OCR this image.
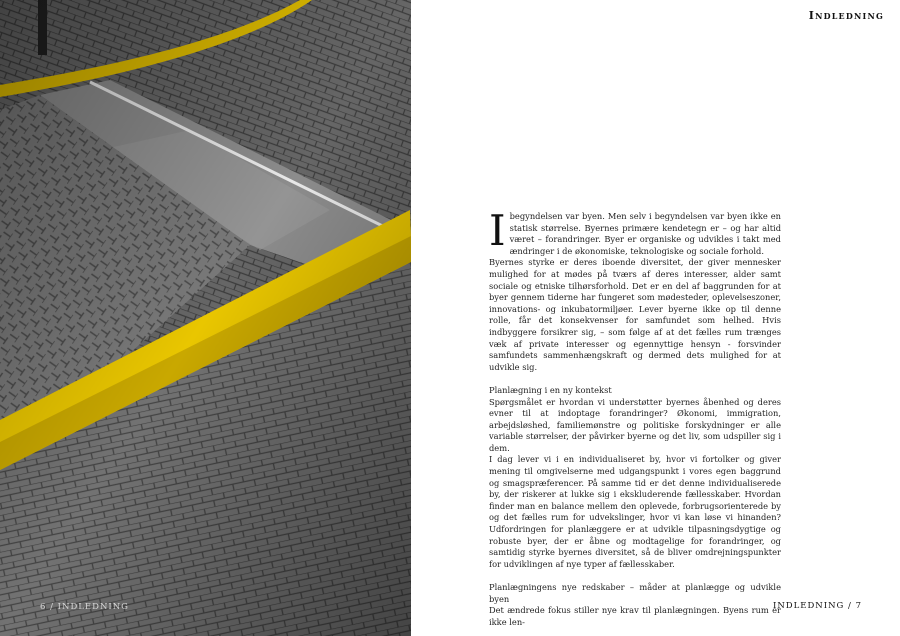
6 / INDLEDNING
Indledning

Ibegyndelsen var byen. Men selv i begyndelsen var byen ikke en statisk størrelse. Byernes primære kendetegn er – og har altid været – forandringer. Byer er organiske og udvikles i takt med ændringer i de økonomiske, teknologiske og sociale forhold.

Byernes styrke er deres iboende diversitet, der giver mennesker mulighed for at mødes på tværs af deres interesser, alder samt sociale og etniske tilhørsforhold. Det er en del af baggrunden for at byer gennem tiderne har fungeret som mødesteder, oplevelseszoner, innovations- og inkubatormiljøer. Lever byerne ikke op til denne rolle, får det konsekvenser for samfundet som helhed. Hvis indbyggere forsikrer sig, – som følge af at det fælles rum trænges væk af private interesser og egennyttige hensyn - forsvinder samfundets sammenhængskraft og dermed dets mulighed for at udvikle sig.

Planlægning i en ny kontekst

Spørgsmålet er hvordan vi understøtter byernes åbenhed og deres evner til at indoptage forandringer? Økonomi, immigration, arbejdsløshed, familiemønstre og politiske forskydninger er alle variable størrelser, der påvirker byerne og det liv, som udspiller sig i dem.

I dag lever vi i en individualiseret by, hvor vi fortolker og giver mening til omgivelserne med udgangspunkt i vores egen baggrund og smagspræferencer. På samme tid er det denne individualiserede by, der riskerer at lukke sig i ekskluderende fællesskaber. Hvordan finder man en balance mellem den oplevede, forbrugsorienterede by og det fælles rum for udvekslinger, hvor vi kan løse vi hinanden? Udfordringen for planlæggere er at udvikle tilpasningsdygtige og robuste byer, der er åbne og modtagelige for forandringer, og samtidig styrke byernes diversitet, så de bliver omdrejningspunkter for udviklingen af nye typer af fællesskaber.

Planlægningens nye redskaber – måder at planlægge og udvikle byen

Det ændrede fokus stiller nye krav til planlægningen. Byens rum er ikke len-

INDLEDNING / 7
